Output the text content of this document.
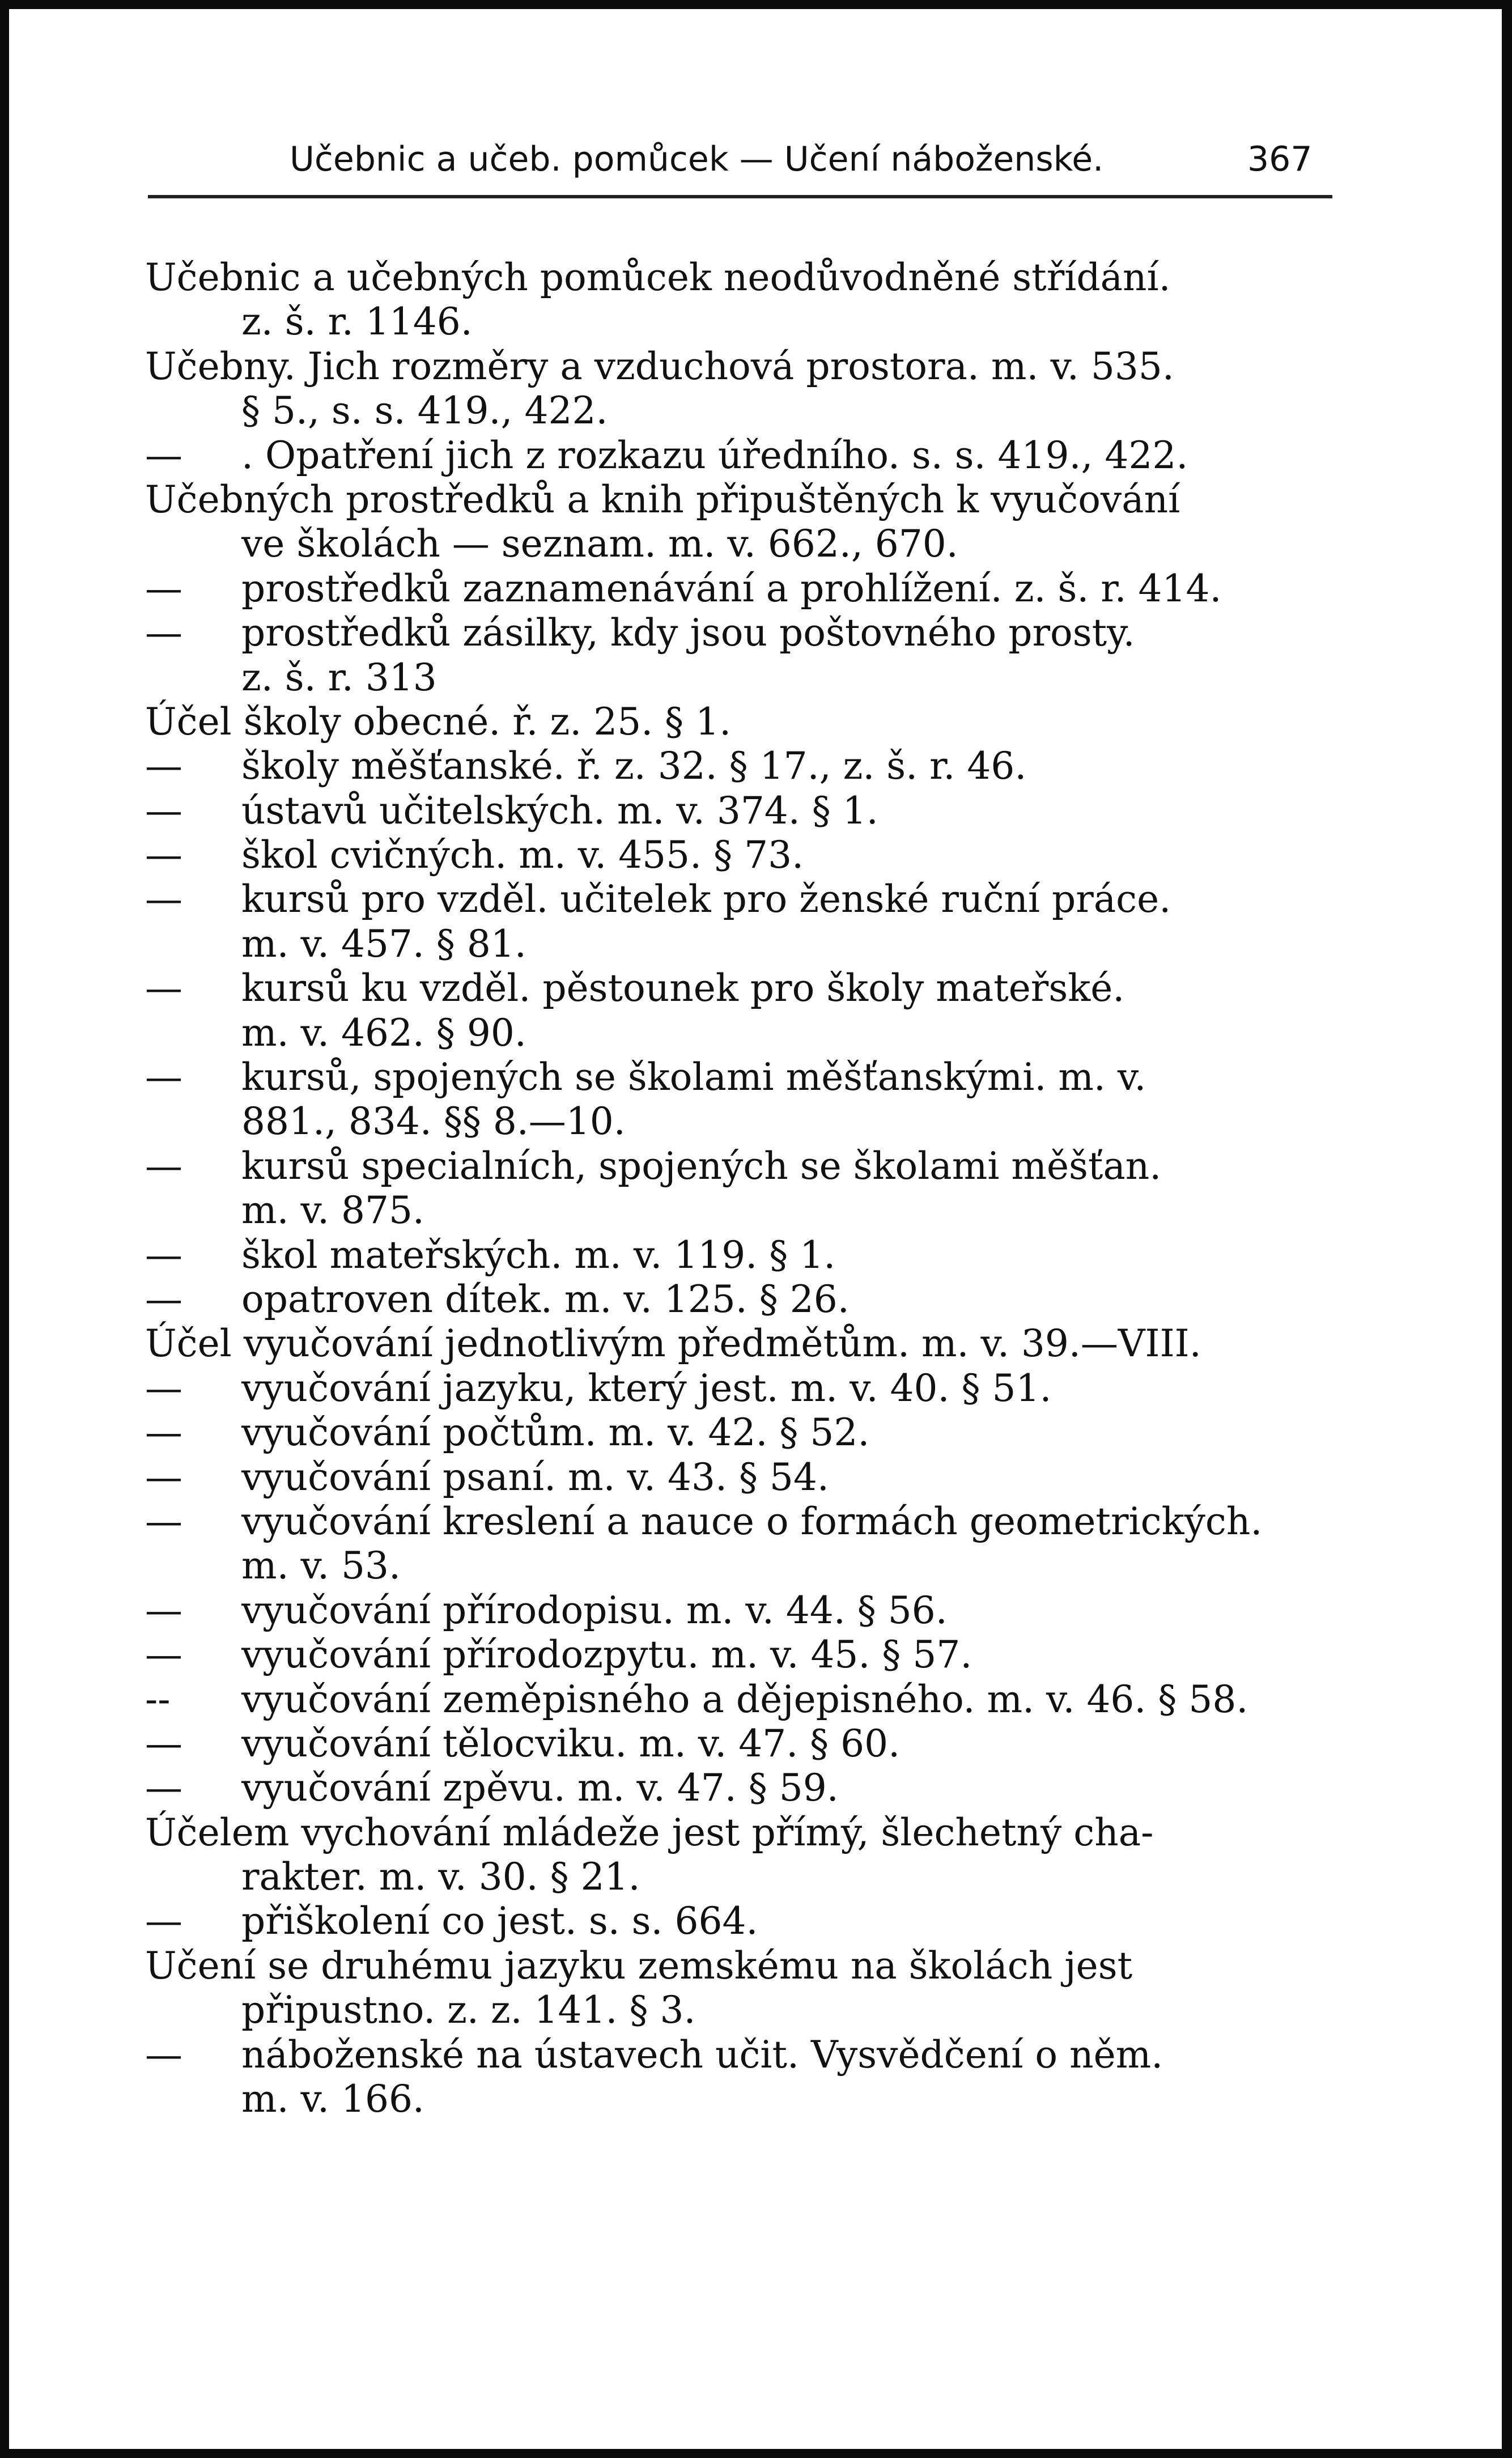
Učebnic a učeb. pomůcek — Učení náboženské.	367
Učebnic a učebných pomůcek neodůvodněné střídání.
z. š. r. 1146.
Učebny. Jich rozměry a vzduchová prostora. m. v. 535.
§ 5., s. s. 419., 422.
— . Opatření jich z rozkazu úředního. s. s. 419., 422.
Učebných prostředků a knih připuštěných k vyučování
ve školách — seznam. m. v. 662., 670.
— prostředků zaznamenávání a prohlížení. z. š. r. 414.
— prostředků zásilky, kdy jsou poštovného prosty.
z. š. r. 313
Účel školy obecné. ř. z. 25. § 1.
— školy měšťanské. ř. z. 32. § 17., z. š. r. 46.
— ústavů učitelských. m. v. 374. § 1.
— škol cvičných. m. v. 455. § 73.
— kursů pro vzděl. učitelek pro ženské ruční práce.
m. v. 457. § 81.
— kursů ku vzděl. pěstounek pro školy mateřské.
m. v. 462. § 90.
— kursů, spojených se školami měšťanskými. m. v.
881., 834. §§ 8.—10.
— kursů specialních, spojených se školami měšťan.
m. v. 875.
— škol mateřských. m. v. 119. § 1.
— opatroven dítek. m. v. 125. § 26.
Účel vyučování jednotlivým předmětům. m. v. 39.—VIII.
— vyučování jazyku, který jest. m. v. 40. § 51.
— vyučování počtům. m. v. 42. § 52.
— vyučování psaní. m. v. 43. § 54.
— vyučování kreslení a nauce o formách geometrických.
m. v. 53.
— vyučování přírodopisu. m. v. 44. § 56.
— vyučování přírodozpytu. m. v. 45. § 57.
-- vyučování zeměpisného a dějepisného. m. v. 46. § 58.
— vyučování tělocviku. m. v. 47. § 60.
— vyučování zpěvu. m. v. 47. § 59.
Účelem vychování mládeže jest přímý, šlechetný cha-
rakter. m. v. 30. § 21.
— přiškolení co jest. s. s. 664.
Učení se druhému jazyku zemskému na školách jest
připustno. z. z. 141. § 3.
— náboženské na ústavech učit. Vysvědčení o něm.
m. v. 166.
